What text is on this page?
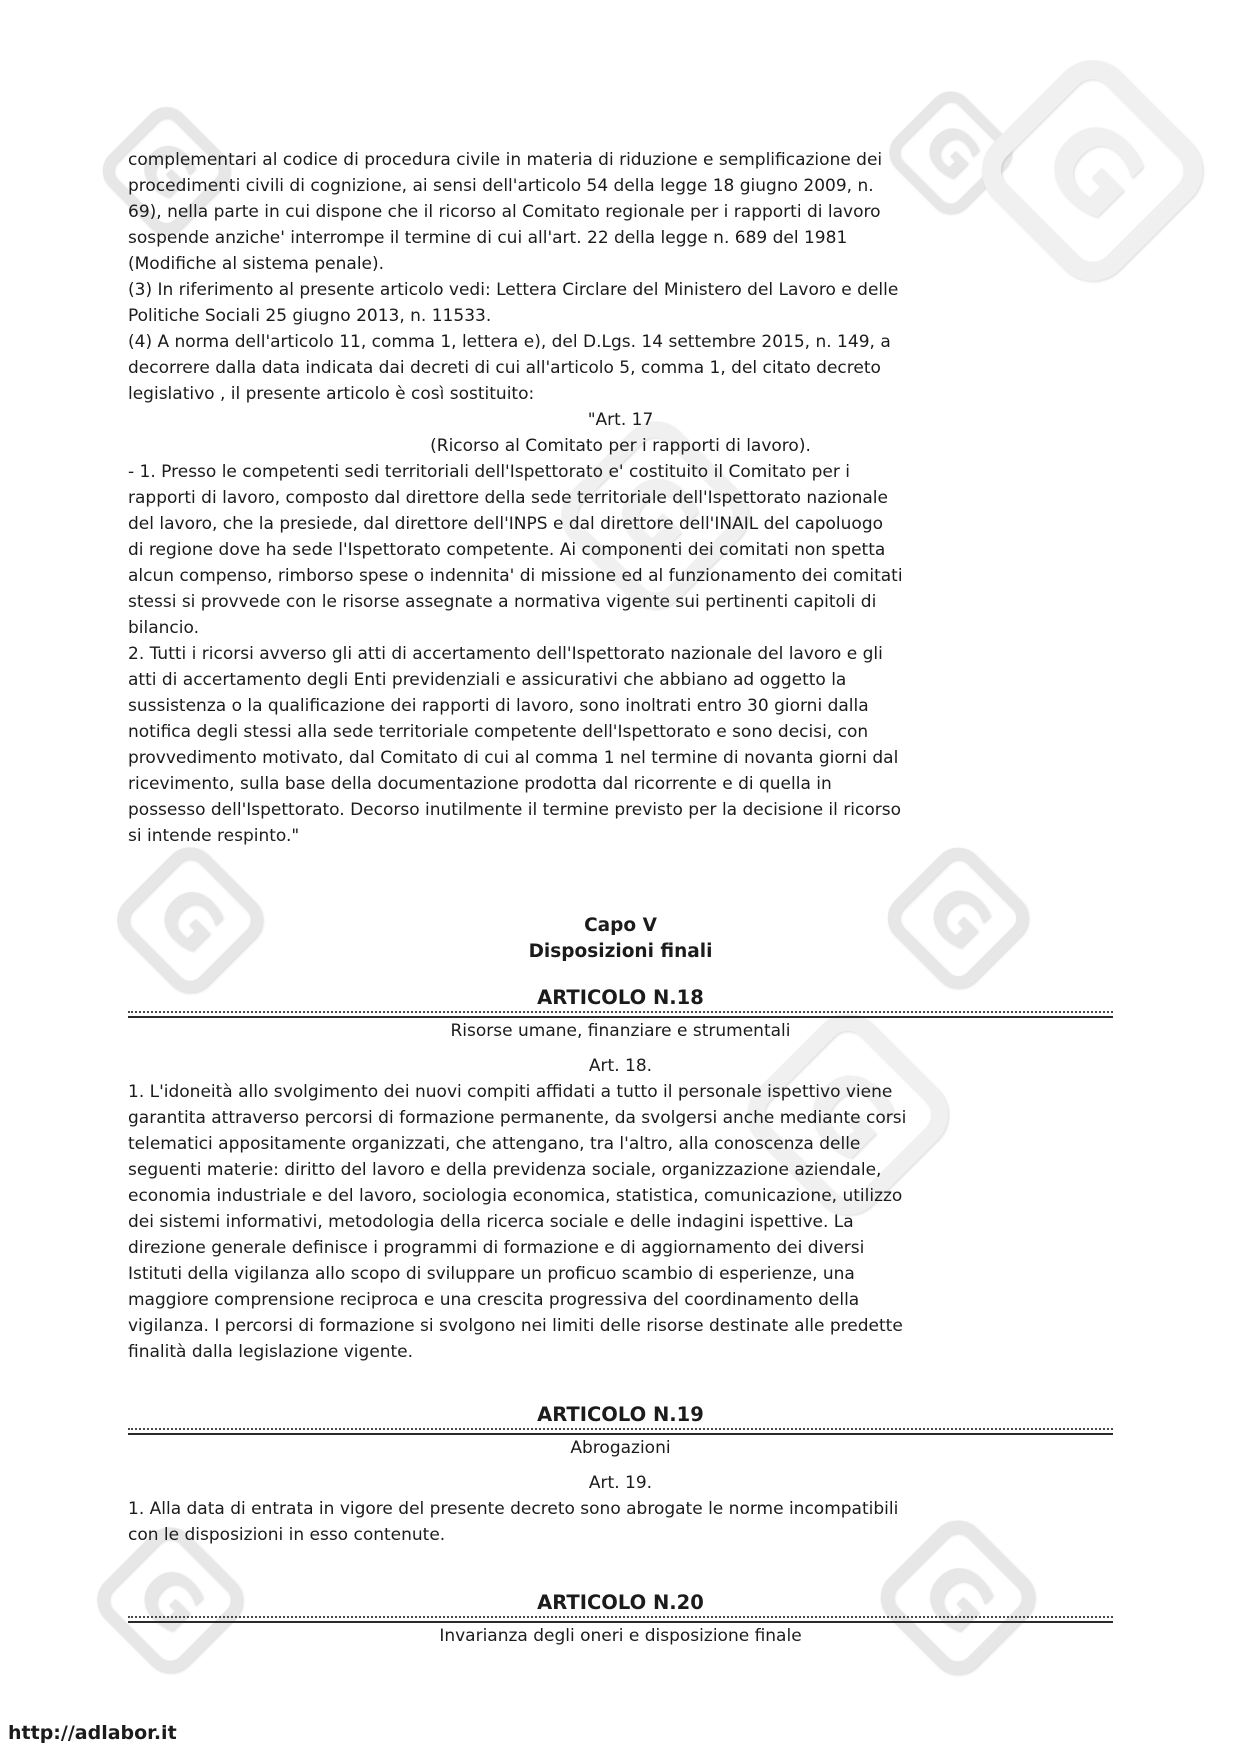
G	G G
G
G	G
G
G	G
complementari al codice di procedura civile in materia di riduzione e semplificazione dei
procedimenti civili di cognizione, ai sensi dell'articolo 54 della legge 18 giugno 2009, n.
69), nella parte in cui dispone che il ricorso al Comitato regionale per i rapporti di lavoro
sospende anziche' interrompe il termine di cui all'art. 22 della legge n. 689 del 1981
(Modifiche al sistema penale).
(3) In riferimento al presente articolo vedi: Lettera Circlare del Ministero del Lavoro e delle
Politiche Sociali 25 giugno 2013, n. 11533.
(4) A norma dell'articolo 11, comma 1, lettera e), del D.Lgs. 14 settembre 2015, n. 149, a
decorrere dalla data indicata dai decreti di cui all'articolo 5, comma 1, del citato decreto
legislativo , il presente articolo è così sostituito:
"Art. 17
(Ricorso al Comitato per i rapporti di lavoro).
- 1. Presso le competenti sedi territoriali dell'Ispettorato e' costituito il Comitato per i
rapporti di lavoro, composto dal direttore della sede territoriale dell'Ispettorato nazionale
del lavoro, che la presiede, dal direttore dell'INPS e dal direttore dell'INAIL del capoluogo
di regione dove ha sede l'Ispettorato competente. Ai componenti dei comitati non spetta
alcun compenso, rimborso spese o indennita' di missione ed al funzionamento dei comitati
stessi si provvede con le risorse assegnate a normativa vigente sui pertinenti capitoli di
bilancio.
2. Tutti i ricorsi avverso gli atti di accertamento dell'Ispettorato nazionale del lavoro e gli
atti di accertamento degli Enti previdenziali e assicurativi che abbiano ad oggetto la
sussistenza o la qualificazione dei rapporti di lavoro, sono inoltrati entro 30 giorni dalla
notifica degli stessi alla sede territoriale competente dell'Ispettorato e sono decisi, con
provvedimento motivato, dal Comitato di cui al comma 1 nel termine di novanta giorni dal
ricevimento, sulla base della documentazione prodotta dal ricorrente e di quella in
possesso dell'Ispettorato. Decorso inutilmente il termine previsto per la decisione il ricorso
si intende respinto."
Capo V
Disposizioni finali
ARTICOLO N.18
Risorse umane, finanziare e strumentali
Art. 18.
1. L'idoneità allo svolgimento dei nuovi compiti affidati a tutto il personale ispettivo viene
garantita attraverso percorsi di formazione permanente, da svolgersi anche mediante corsi
telematici appositamente organizzati, che attengano, tra l'altro, alla conoscenza delle
seguenti materie: diritto del lavoro e della previdenza sociale, organizzazione aziendale,
economia industriale e del lavoro, sociologia economica, statistica, comunicazione, utilizzo
dei sistemi informativi, metodologia della ricerca sociale e delle indagini ispettive. La
direzione generale definisce i programmi di formazione e di aggiornamento dei diversi
Istituti della vigilanza allo scopo di sviluppare un proficuo scambio di esperienze, una
maggiore comprensione reciproca e una crescita progressiva del coordinamento della
vigilanza. I percorsi di formazione si svolgono nei limiti delle risorse destinate alle predette
finalità dalla legislazione vigente.
ARTICOLO N.19
Abrogazioni
Art. 19.
1. Alla data di entrata in vigore del presente decreto sono abrogate le norme incompatibili
con le disposizioni in esso contenute.
ARTICOLO N.20
Invarianza degli oneri e disposizione finale
http://adlabor.it
